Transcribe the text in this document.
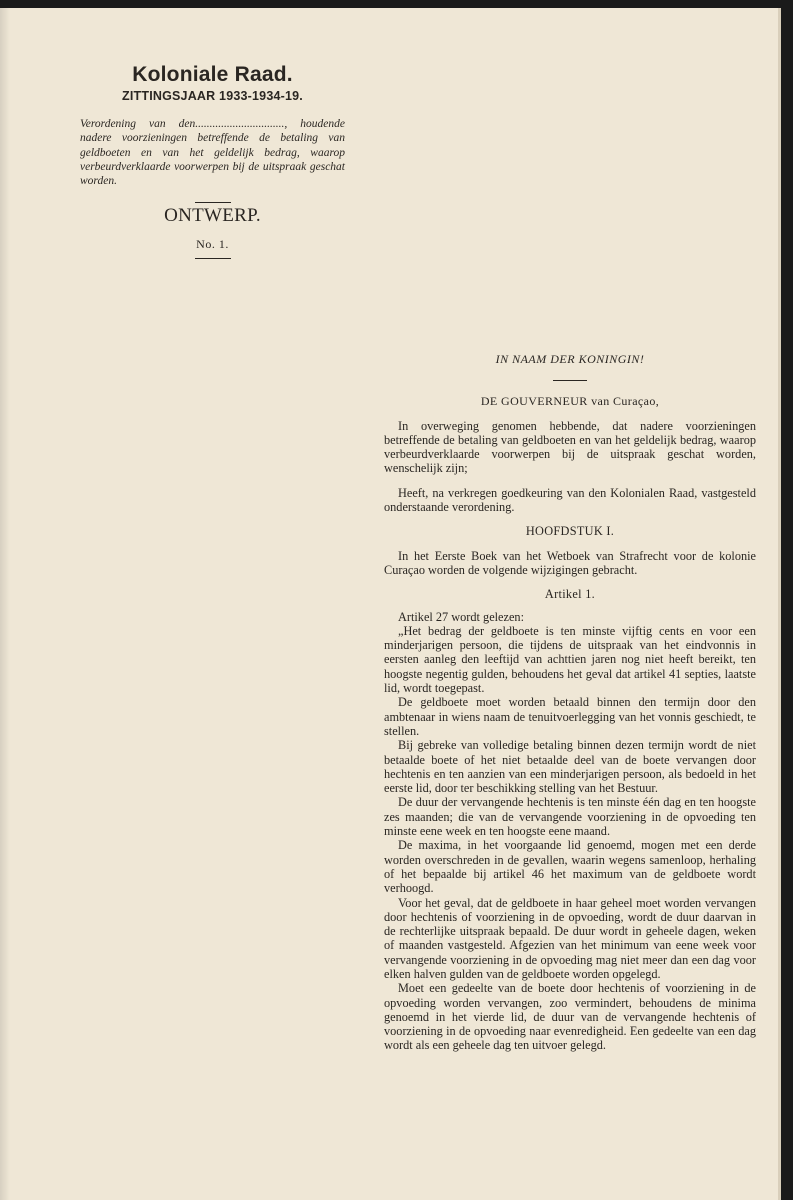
Koloniale Raad.

ZITTINGSJAAR 1933-1934-19.

Verordening van den..............................., houdende nadere voorzieningen betreffende de betaling van geldboeten en van het geldelijk bedrag, waarop verbeurdverklaarde voorwerpen bij de uitspraak geschat worden.

ONTWERP.

No. 1.

IN NAAM DER KONINGIN!

DE GOUVERNEUR van Curaçao,

In overweging genomen hebbende, dat nadere voorzieningen betreffende de betaling van geldboeten en van het geldelijk bedrag, waarop verbeurdverklaarde voorwerpen bij de uitspraak geschat worden, wenschelijk zijn;

Heeft, na verkregen goedkeuring van den Kolonialen Raad, vastgesteld onderstaande verordening.

HOOFDSTUK I.

In het Eerste Boek van het Wetboek van Strafrecht voor de kolonie Curaçao worden de volgende wijzigingen gebracht.

Artikel 1.

Artikel 27 wordt gelezen:

„Het bedrag der geldboete is ten minste vijftig cents en voor een minderjarigen persoon, die tijdens de uitspraak van het eindvonnis in eersten aanleg den leeftijd van achttien jaren nog niet heeft bereikt, ten hoogste negentig gulden, behoudens het geval dat artikel 41 septies, laatste lid, wordt toegepast.

De geldboete moet worden betaald binnen den termijn door den ambtenaar in wiens naam de tenuitvoerlegging van het vonnis geschiedt, te stellen.

Bij gebreke van volledige betaling binnen dezen termijn wordt de niet betaalde boete of het niet betaalde deel van de boete vervangen door hechtenis en ten aanzien van een minderjarigen persoon, als bedoeld in het eerste lid, door ter beschikking stelling van het Bestuur.

De duur der vervangende hechtenis is ten minste één dag en ten hoogste zes maanden; die van de vervangende voorziening in de opvoeding ten minste eene week en ten hoogste eene maand.

De maxima, in het voorgaande lid genoemd, mogen met een derde worden overschreden in de gevallen, waarin wegens samenloop, herhaling of het bepaalde bij artikel 46 het maximum van de geldboete wordt verhoogd.

Voor het geval, dat de geldboete in haar geheel moet worden vervangen door hechtenis of voorziening in de opvoeding, wordt de duur daarvan in de rechterlijke uitspraak bepaald. De duur wordt in geheele dagen, weken of maanden vastgesteld. Afgezien van het minimum van eene week voor vervangende voorziening in de opvoeding mag niet meer dan een dag voor elken halven gulden van de geldboete worden opgelegd.

Moet een gedeelte van de boete door hechtenis of voorziening in de opvoeding worden vervangen, zoo vermindert, behoudens de minima genoemd in het vierde lid, de duur van de vervangende hechtenis of voorziening in de opvoeding naar evenredigheid. Een gedeelte van een dag wordt als een geheele dag ten uitvoer gelegd.
